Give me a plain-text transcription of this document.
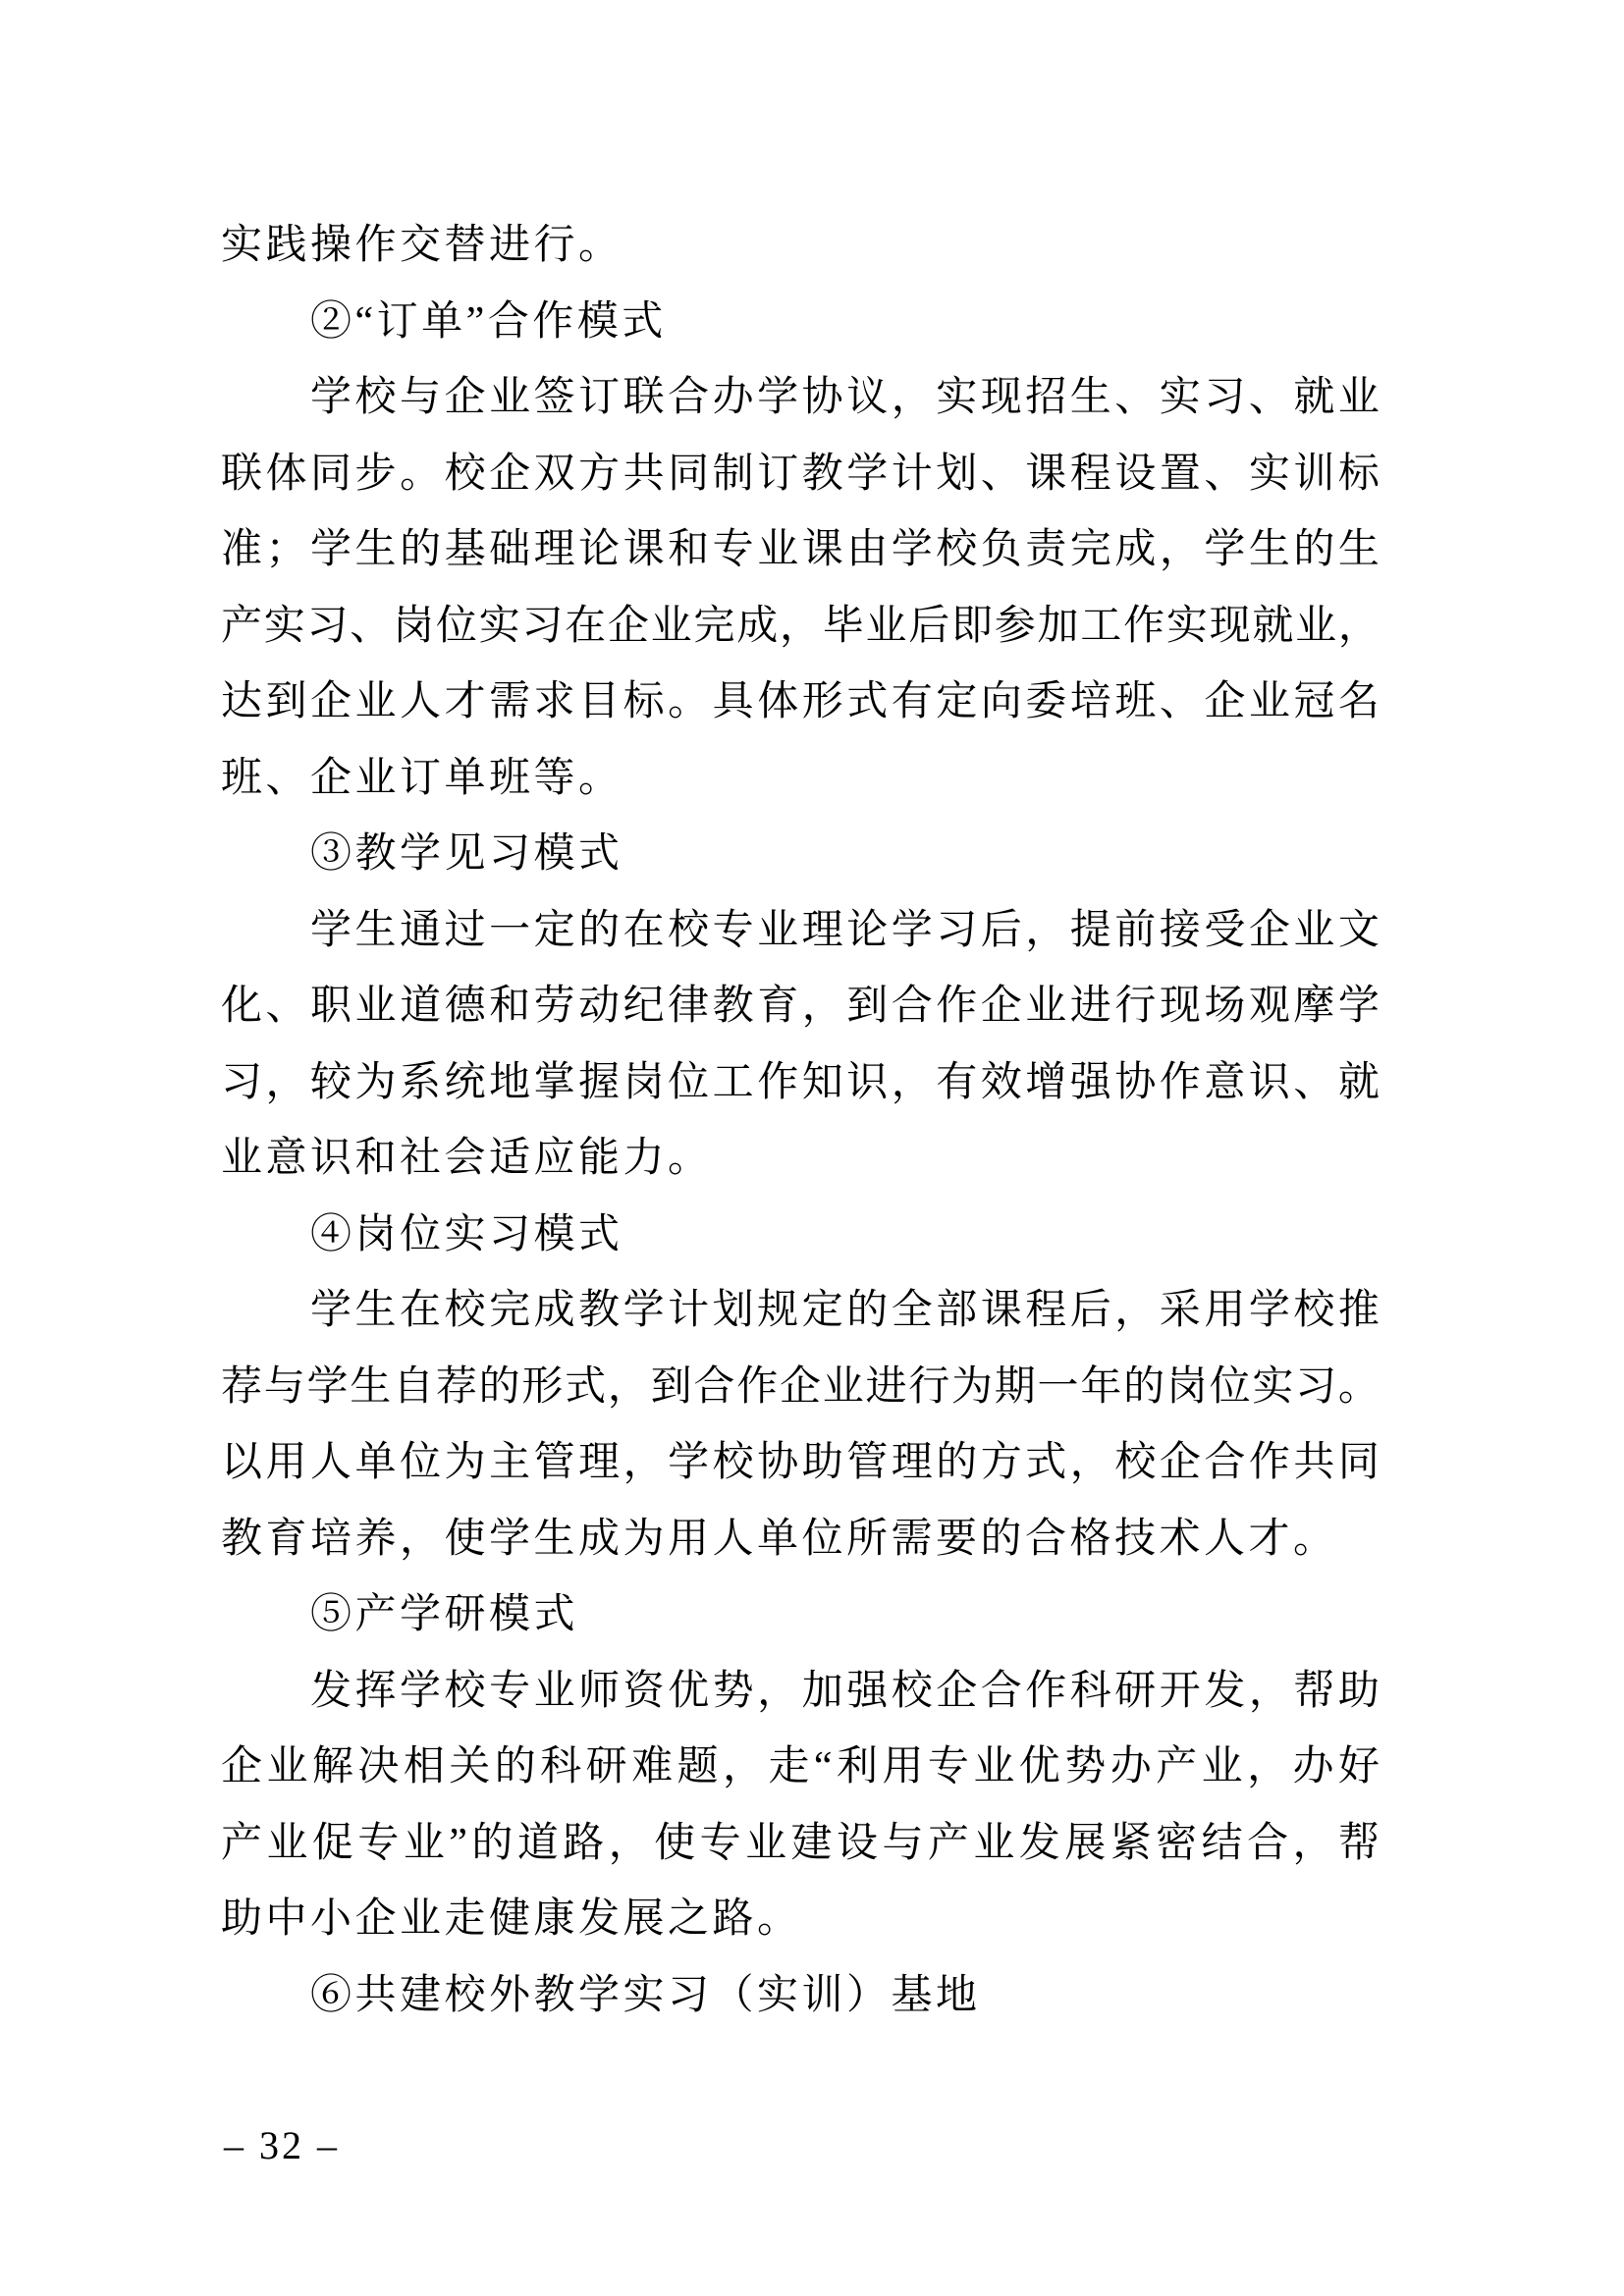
实践操作交替进行。
②“订单”合作模式
学 校 与 企 业 签 订 联 合 办 学 协 议 ， 实 现 招 生 、 实 习 、 就 业
联 体 同 步 。 校 企 双 方 共 同 制 订 教 学 计 划 、 课 程 设 置 、 实 训 标
准 ； 学 生 的 基 础 理 论 课 和 专 业 课 由 学 校 负 责 完 成 ， 学 生 的 生
产 实 习 、 岗 位 实 习 在 企 业 完 成 ， 毕 业 后 即 参 加 工 作 实 现 就 业 ，
达 到 企 业 人 才 需 求 目 标 。 具 体 形 式 有 定 向 委 培 班 、 企 业 冠 名
班、企业订单班等。
③教学见习模式
学 生 通 过 一 定 的 在 校 专 业 理 论 学 习 后 ， 提 前 接 受 企 业 文
化 、 职 业 道 德 和 劳 动 纪 律 教 育 ， 到 合 作 企 业 进 行 现 场 观 摩 学
习 ， 较 为 系 统 地 掌 握 岗 位 工 作 知 识 ， 有 效 增 强 协 作 意 识 、 就
业意识和社会适应能力。
④岗位实习模式
学 生 在 校 完 成 教 学 计 划 规 定 的 全 部 课 程 后 ， 采 用 学 校 推
荐 与 学 生 自 荐 的 形 式 ， 到 合 作 企 业 进 行 为 期 一 年 的 岗 位 实 习 。
以 用 人 单 位 为 主 管 理 ， 学 校 协 助 管 理 的 方 式 ， 校 企 合 作 共 同
教育培养，使学生成为用人单位所需要的合格技术人才。
⑤产学研模式
发 挥 学 校 专 业 师 资 优 势 ， 加 强 校 企 合 作 科 研 开 发 ， 帮 助
企 业 解 决 相 关 的 科 研 难 题 ， 走 “ 利 用 专 业 优 势 办 产 业 ， 办 好
产 业 促 专 业 ” 的 道 路 ， 使 专 业 建 设 与 产 业 发 展 紧 密 结 合 ， 帮
助中小企业走健康发展之路。
⑥共建校外教学实习（实训）基地
– 32 –
